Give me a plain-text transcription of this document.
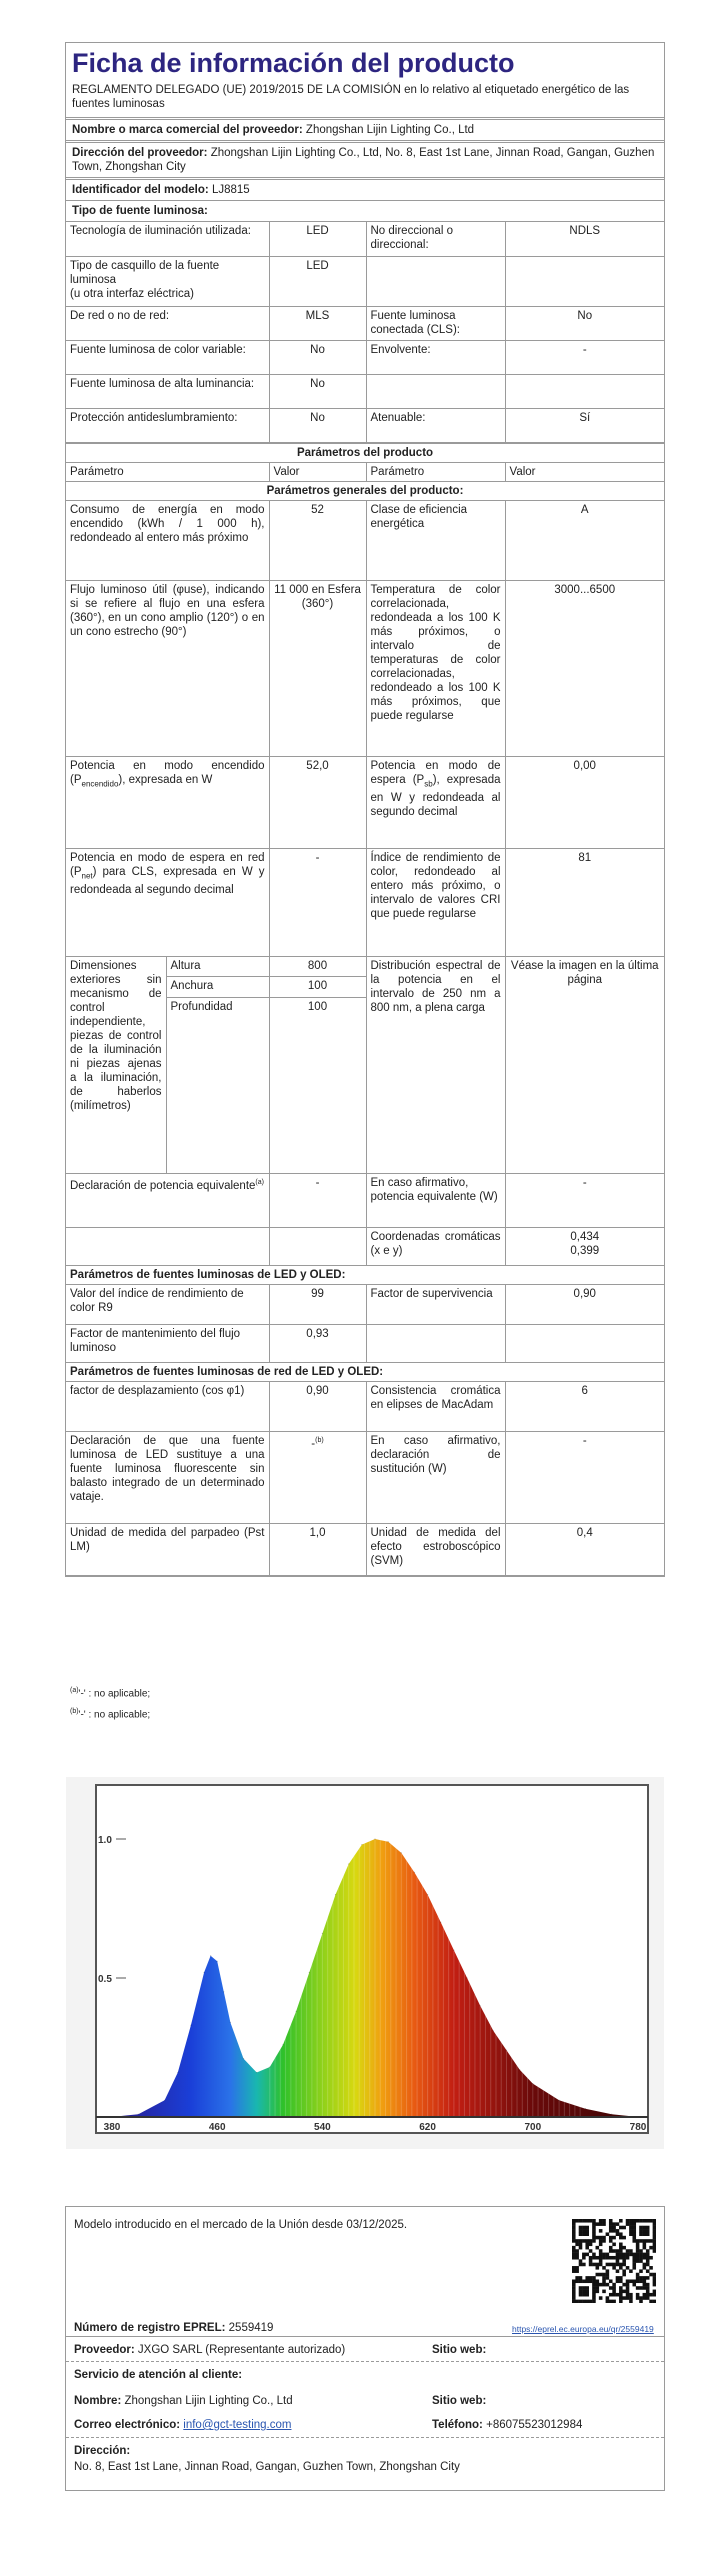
Ficha de información del producto
REGLAMENTO DELEGADO (UE) 2019/2015 DE LA COMISIÓN en lo relativo al etiquetado energético de las fuentes luminosas
Nombre o marca comercial del proveedor: Zhongshan Lijin Lighting Co., Ltd
Dirección del proveedor: Zhongshan Lijin Lighting Co., Ltd, No. 8, East 1st Lane, Jinnan Road, Gangan, Guzhen Town, Zhongshan City
Identificador del modelo: LJ8815
Tipo de fuente luminosa:
Tecnología de iluminación utilizada:	LED	No direccional o direccional:	NDLS

Tipo de casquillo de la fuente luminosa
(u otra interfaz eléctrica)	LED		
De red o no de red:	MLS	Fuente luminosa conectada (CLS):	No
Fuente luminosa de color variable:	No	Envolvente:	-
Fuente luminosa de alta luminancia:	No		
Protección antideslumbramiento:	No	Atenuable:	Sí
Parámetros del producto				
Parámetro		Valor	Parámetro	Valor
Parámetros generales del producto:				
Consumo de energía en modo encendido (kWh / 1 000 h), redondeado al entero más próximo		52	Clase de eficiencia energética	A
Flujo luminoso útil (φuse), indicando si se refiere al flujo en una esfera (360°), en un cono amplio (120°) o en un cono estrecho (90°)		11 000 en Esfera (360°)	Temperatura de color correlacionada, redondeada a los 100 K más próximos, o intervalo de temperaturas de color correlacionadas, redondeado a los 100 K más próximos, que puede regularse	3000...6500
Potencia en modo encendido $(P_{encendido})$, expresada en W		52,0	Potencia en modo de espera $(P_{sb})$, expresada en W y redondeada al segundo decimal	0,00
Potencia en modo de espera en red $(P_{net})$ para CLS, expresada en W y redondeada al segundo decimal		-	Índice de rendimiento de color, redondeado al entero más próximo, o intervalo de valores CRI que puede regularse	81
Dimensiones exteriores sin mecanismo de control independiente, piezas de control de la iluminación ni piezas ajenas a la iluminación, de haberlos (milímetros)	Altura	800	Distribución espectral de la potencia en el intervalo de 250 nm a 800 nm, a plena carga	Véase la imagen en la última página
	Anchura	100		
	Profundidad	100		
Declaración de potencia equivalente$^{(a)}$		-	En caso afirmativo, potencia equivalente (W)	-
			Coordenadas cromáticas (x e y)	0,434
0,399

Parámetros de fuentes luminosas de LED y OLED:				
Valor del índice de rendimiento de color R9		99	Factor de supervivencia	0,90
Factor de mantenimiento del flujo luminoso		0,93		
Parámetros de fuentes luminosas de red de LED y OLED:				
factor de desplazamiento (cos φ1)		0,90	Consistencia cromática en elipses de MacAdam	6
Declaración de que una fuente luminosa de LED sustituye a una fuente luminosa fluorescente sin balasto integrado de un determinado vataje.		-$^{(b)}$	En caso afirmativo, declaración de sustitución (W)	-
Unidad de medida del parpadeo (Pst LM)		1,0	Unidad de medida del efecto estroboscópico (SVM)	0,4
$^{(a)}$'-' : no aplicable;
$^{(b)}$'-' : no aplicable;
380	460	540	620	700	780
0.5
1.0
Modelo introducido en el mercado de la Unión desde 03/12/2025.
Número de registro EPREL: 2559419	https://eprel.ec.europa.eu/qr/2559419
Proveedor: JXGO SARL (Representante autorizado)	Sitio web:
Servicio de atención al cliente:
Nombre: Zhongshan Lijin Lighting Co., Ltd	Sitio web:
Correo electrónico: info@gct-testing.com	Teléfono: +86075523012984
Dirección:
No. 8, East 1st Lane, Jinnan Road, Gangan, Guzhen Town, Zhongshan City
